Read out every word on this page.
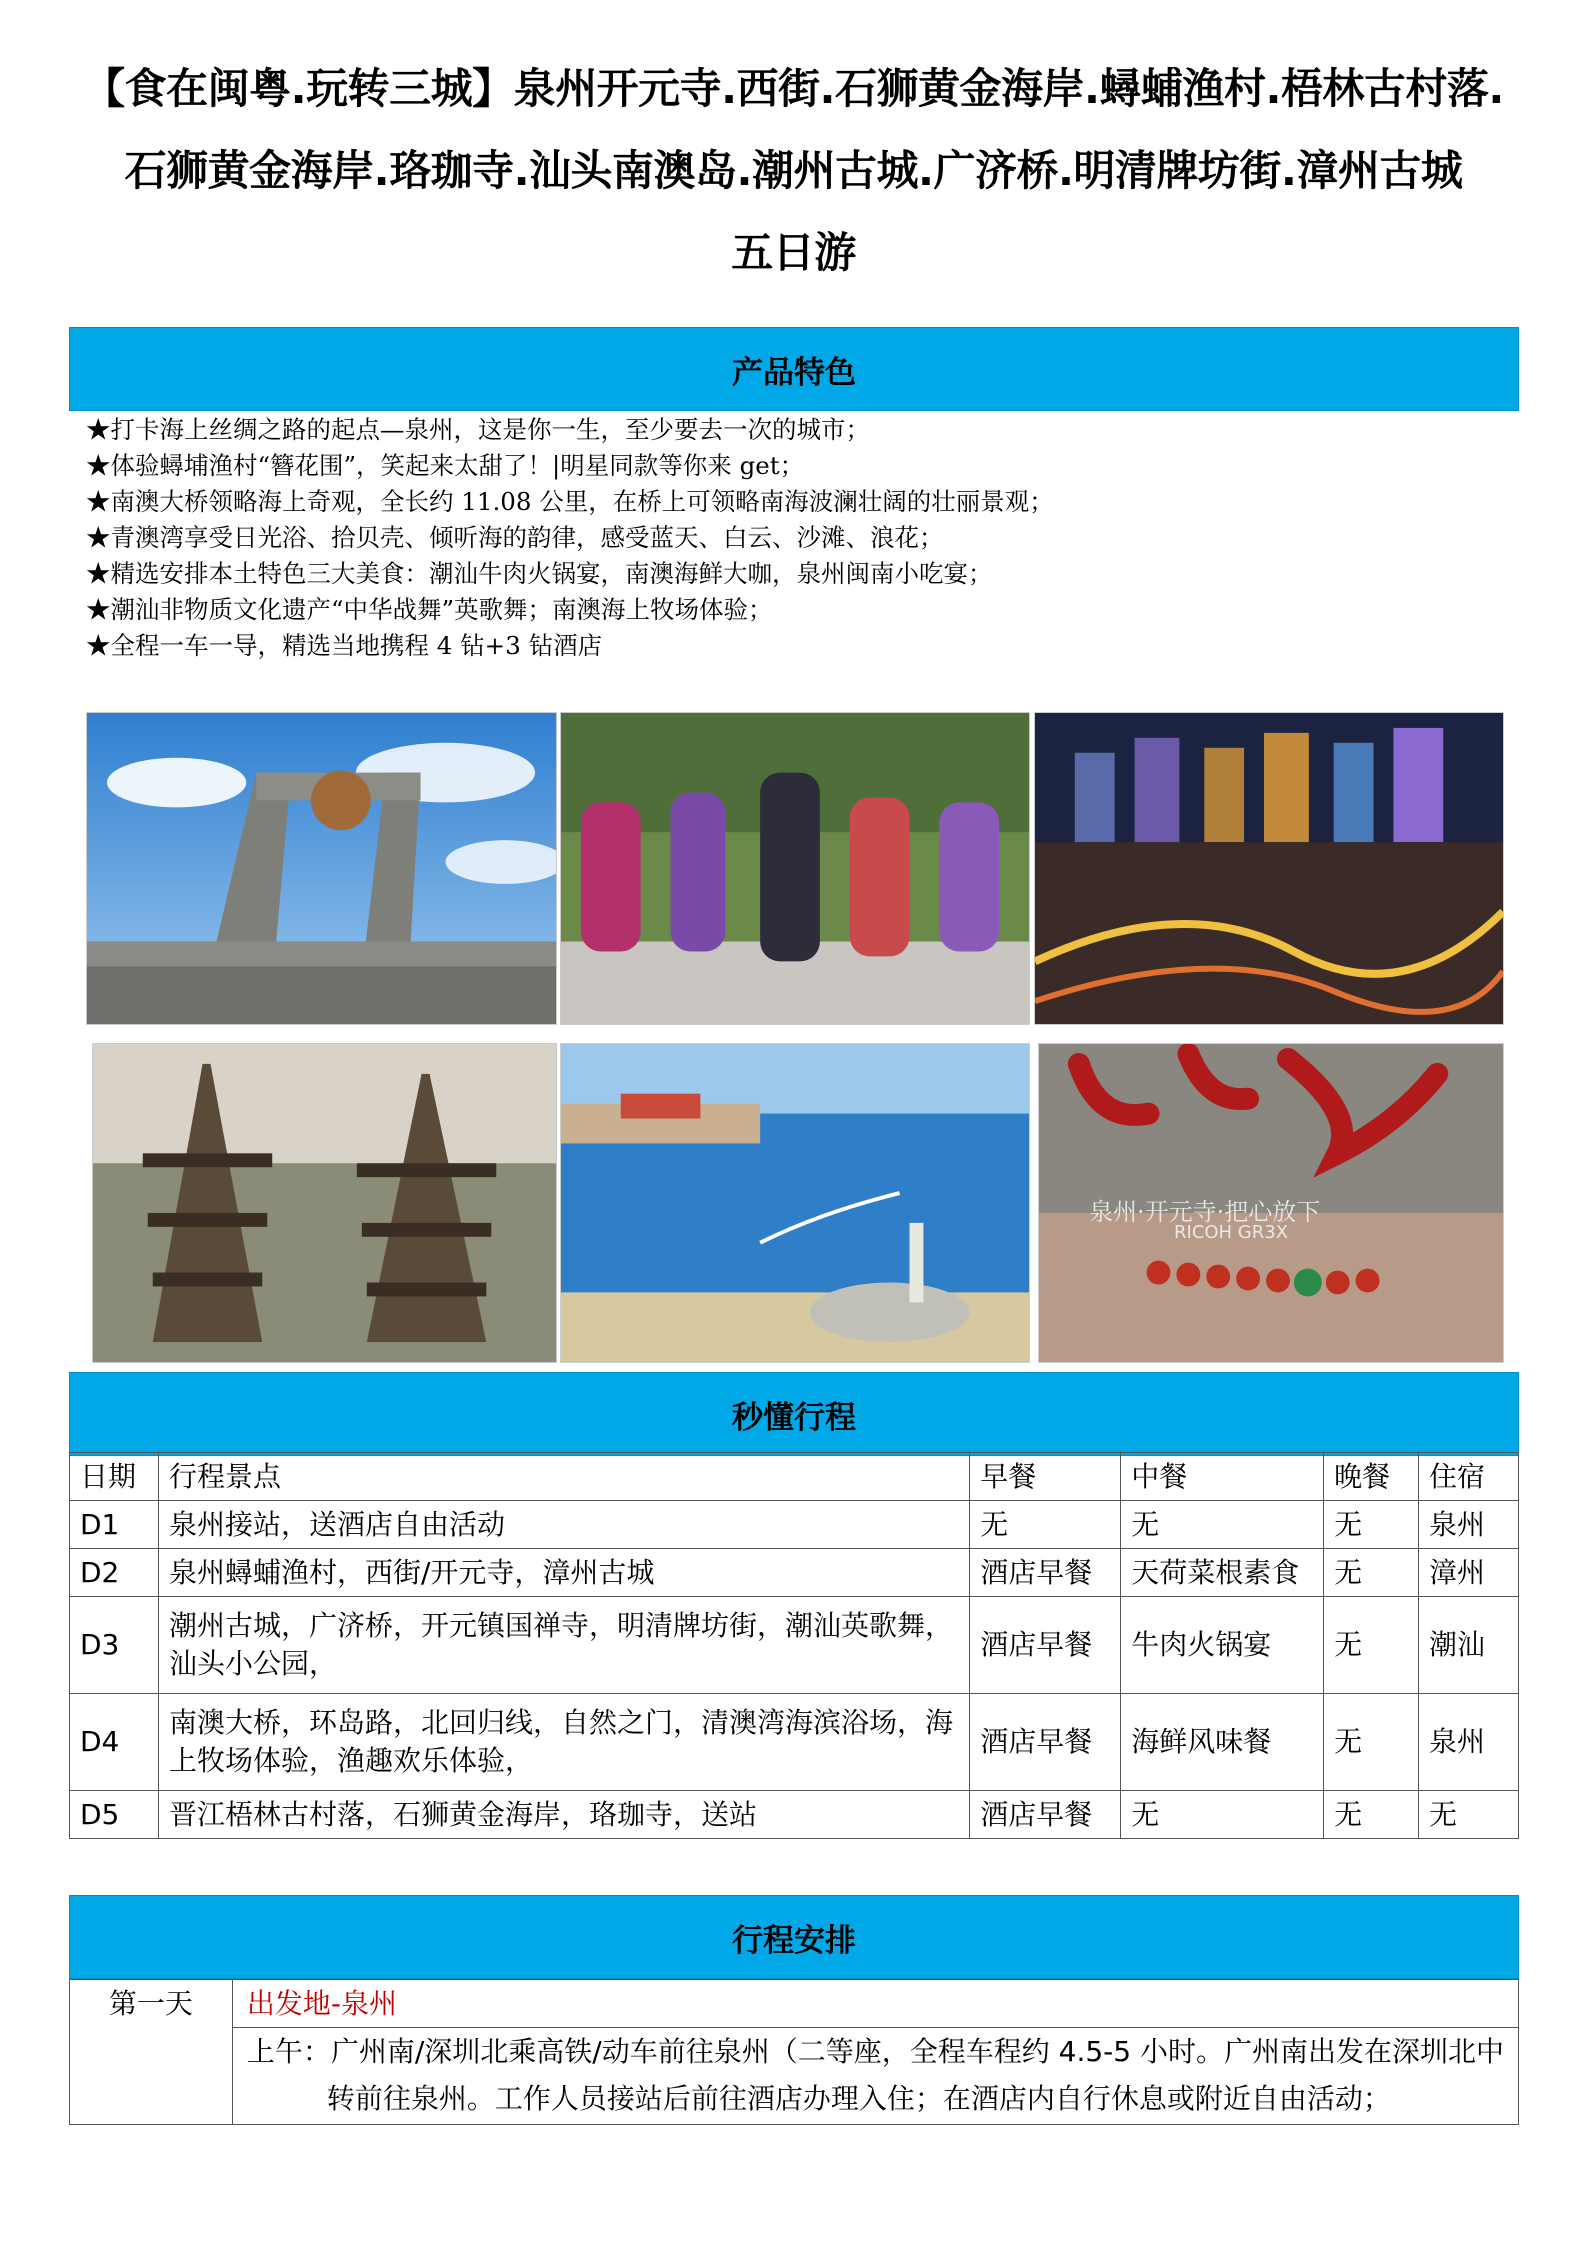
【食在闽粤.玩转三城】泉州开元寺.西街.石狮黄金海岸.蟳蜅渔村.梧林古村落.
石狮黄金海岸.珞珈寺.汕头南澳岛.潮州古城.广济桥.明清牌坊街.漳州古城
五日游
产品特色
★打卡海上丝绸之路的起点—泉州，这是你一生，至少要去一次的城市；
★体验蟳埔渔村“簪花围”，笑起来太甜了！|明星同款等你来 get；
★南澳大桥领略海上奇观，全长约 11.08 公里，在桥上可领略南海波澜壮阔的壮丽景观；
★青澳湾享受日光浴、拾贝壳、倾听海的韵律，感受蓝天、白云、沙滩、浪花；
★精选安排本土特色三大美食：潮汕牛肉火锅宴，南澳海鲜大咖，泉州闽南小吃宴；
★潮汕非物质文化遗产“中华战舞”英歌舞；南澳海上牧场体验；
★全程一车一导，精选当地携程 4 钻+3 钻酒店
泉州·开元寺·把心放下
RICOH GR3X
秒懂行程
日期	行程景点	早餐	中餐	晚餐	住宿
D1	泉州接站，送酒店自由活动	无	无	无	泉州
D2	泉州蟳蜅渔村，西街/开元寺，漳州古城	酒店早餐	天荷菜根素食	无	漳州
D3	潮州古城，广济桥，开元镇国禅寺，明清牌坊街，潮汕英歌舞，汕头小公园，	酒店早餐	牛肉火锅宴	无	潮汕
D4	南澳大桥，环岛路，北回归线，自然之门，清澳湾海滨浴场，海上牧场体验，渔趣欢乐体验，	酒店早餐	海鲜风味餐	无	泉州
D5	晋江梧林古村落，石狮黄金海岸，珞珈寺，送站	酒店早餐	无	无	无
行程安排
第一天	出发地-泉州

上午：广州南/深圳北乘高铁/动车前往泉州（二等座，全程车程约 4.5-5 小时。广州南出发在深圳北中
转前往泉州。工作人员接站后前往酒店办理入住；在酒店内自行休息或附近自由活动；
